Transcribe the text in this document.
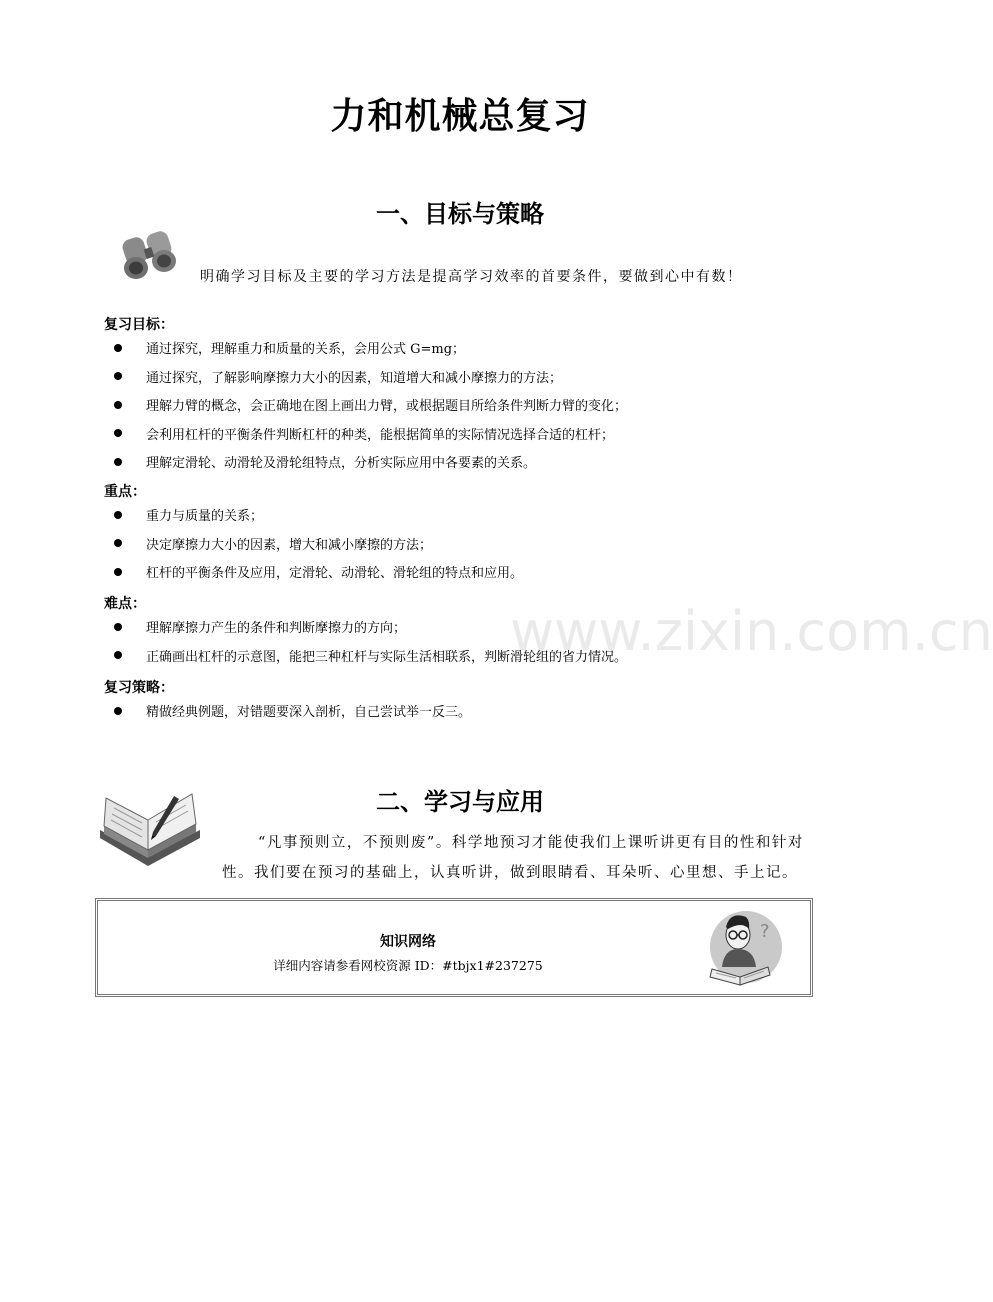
力和机械总复习
一、目标与策略
明确学习目标及主要的学习方法是提高学习效率的首要条件，要做到心中有数！
复习目标：
通过探究，理解重力和质量的关系，会用公式 G=mg；
通过探究，了解影响摩擦力大小的因素，知道增大和减小摩擦力的方法；
理解力臂的概念，会正确地在图上画出力臂，或根据题目所给条件判断力臂的变化；
会利用杠杆的平衡条件判断杠杆的种类，能根据简单的实际情况选择合适的杠杆；
理解定滑轮、动滑轮及滑轮组特点，分析实际应用中各要素的关系。
重点：
重力与质量的关系；
决定摩擦力大小的因素，增大和减小摩擦的方法；
杠杆的平衡条件及应用，定滑轮、动滑轮、滑轮组的特点和应用。
难点：
理解摩擦力产生的条件和判断摩擦力的方向；
正确画出杠杆的示意图，能把三种杠杆与实际生活相联系，判断滑轮组的省力情况。
复习策略：
精做经典例题，对错题要深入剖析，自己尝试举一反三。
二、学习与应用
“凡事预则立，不预则废”。科学地预习才能使我们上课听讲更有目的性和针对性。我们要在预习的基础上，认真听讲，做到眼睛看、耳朵听、心里想、手上记。
知识网络
详细内容请参看网校资源 ID：#tbjx1#237275
?
www.zixin.com.cn
